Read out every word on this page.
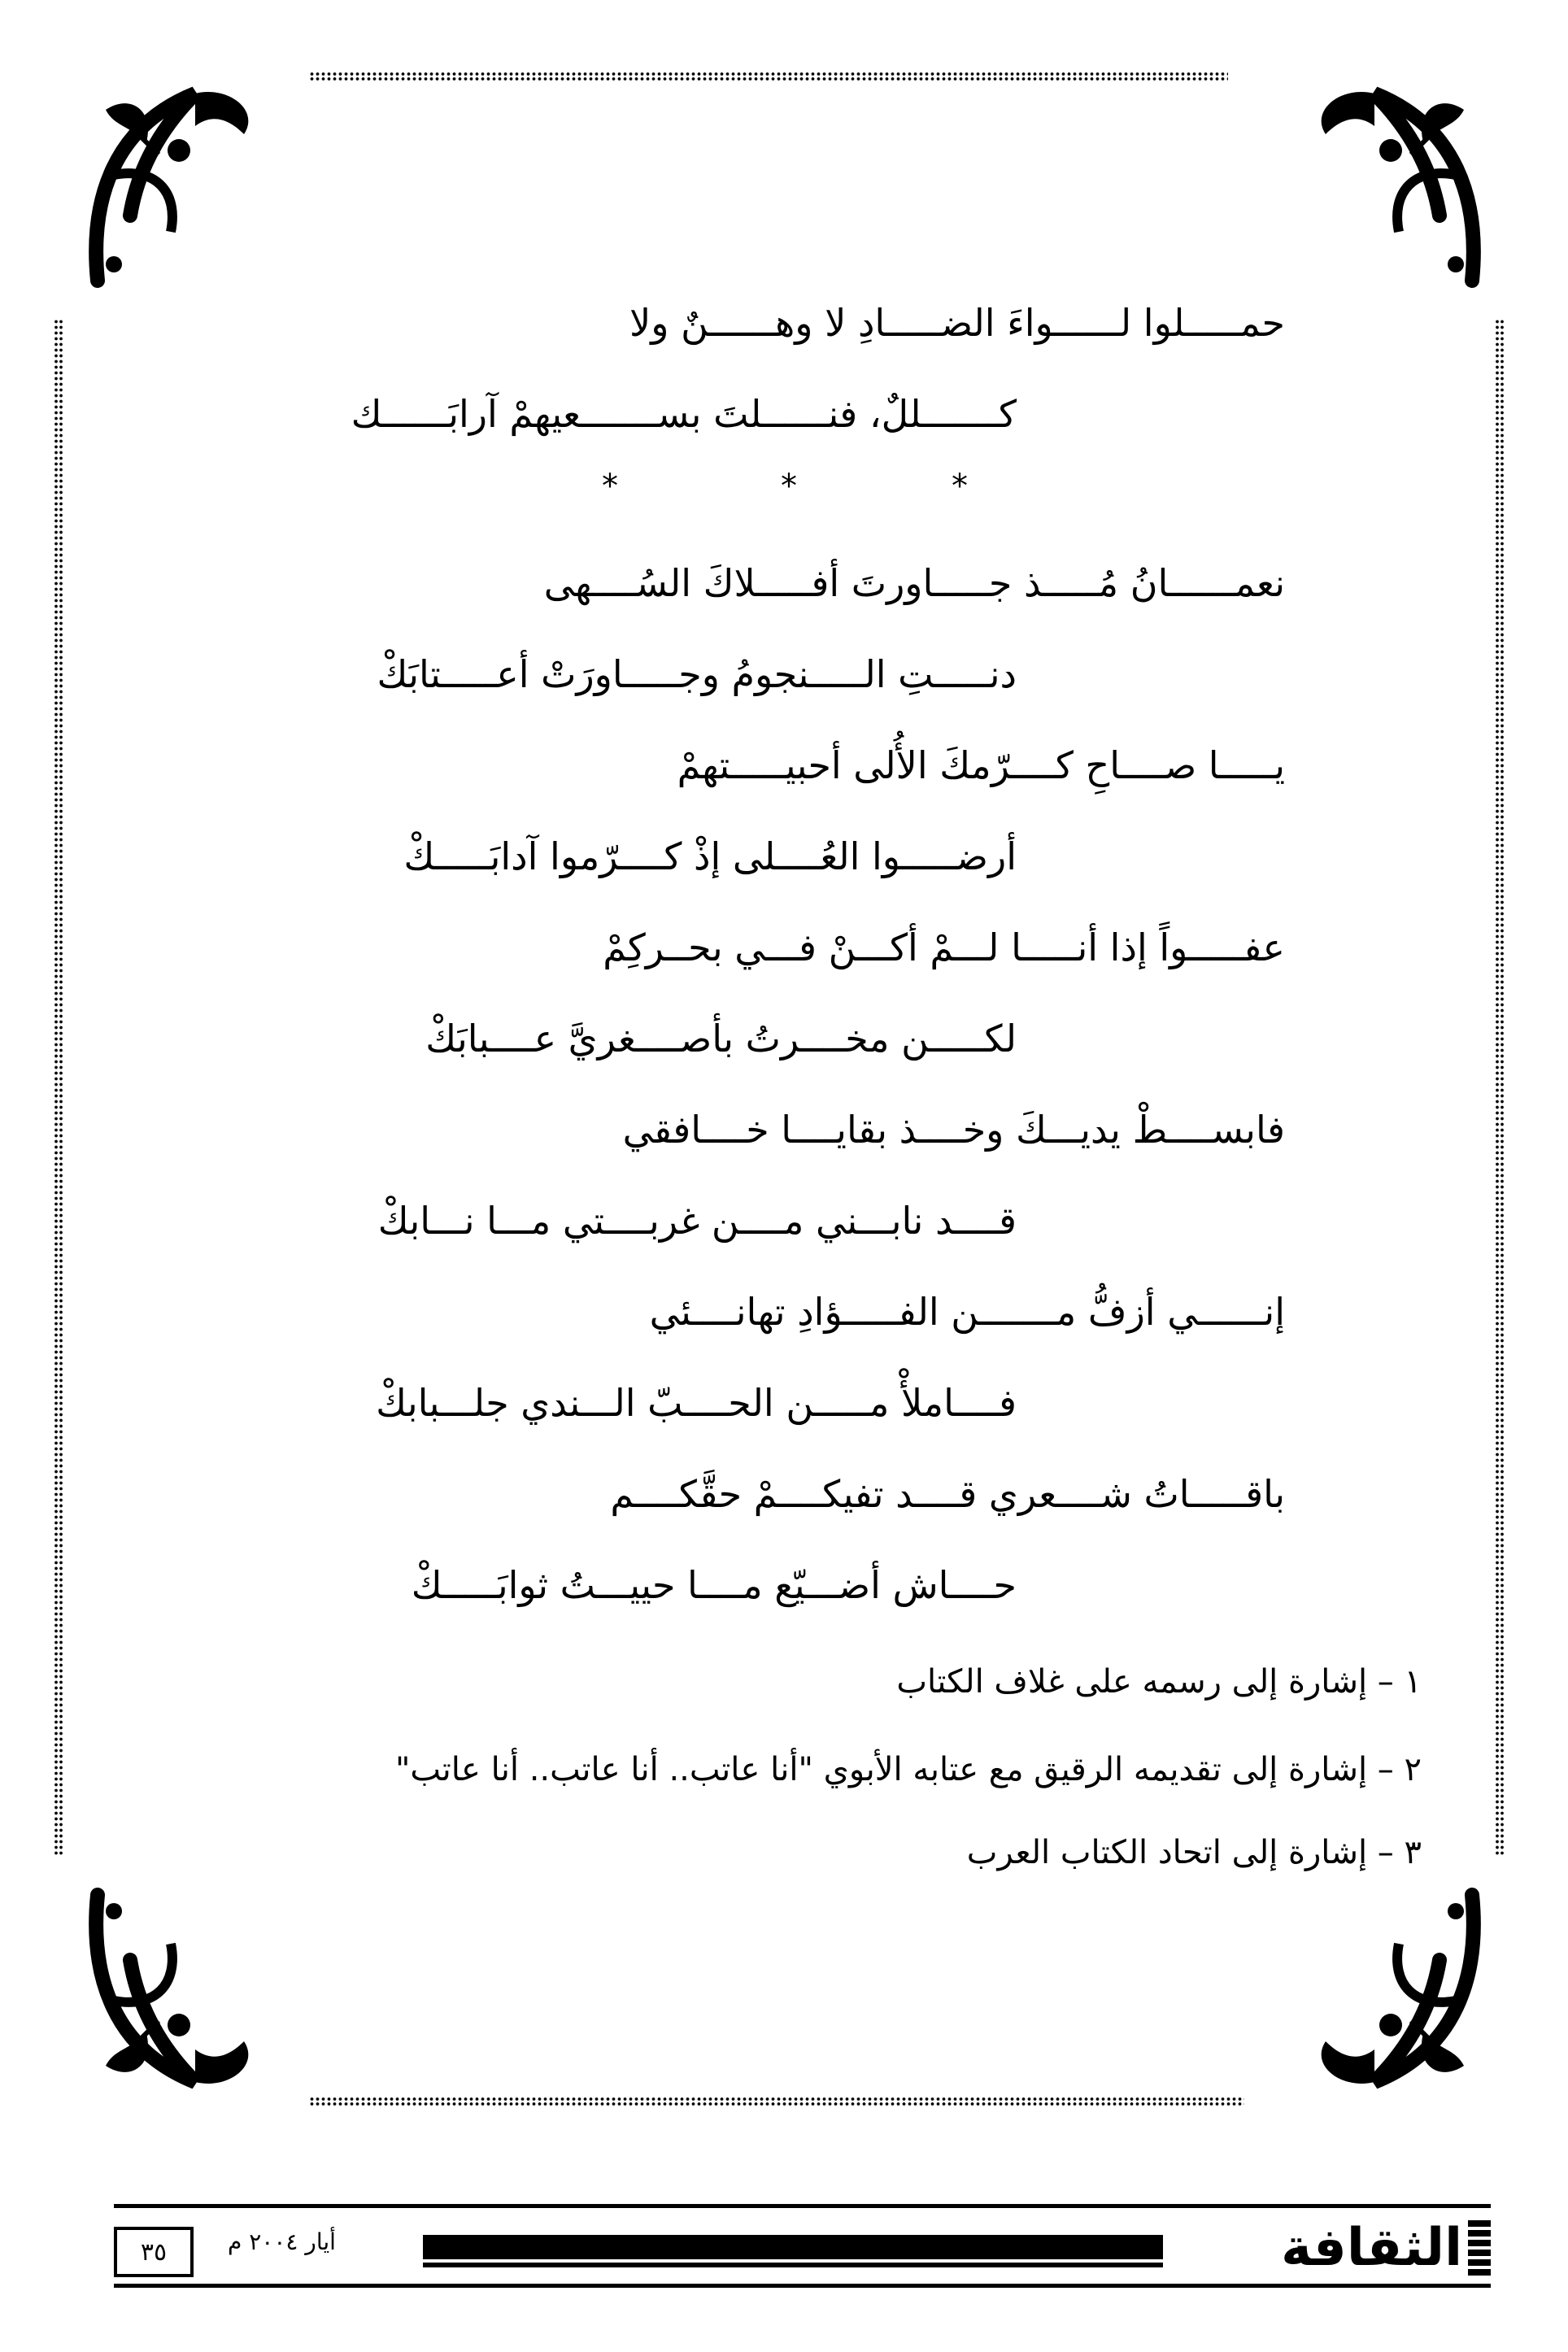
حمـــــلوا لــــــواءَ الضـــــادِ لا وهــــــنٌ ولا
كـــــــللٌ، فنــــــلتَ بســـــــعيهمْ آرابَــــــك
*
*
*
نعمــــــانُ مُـــــذ جـــــاورتَ أفـــــلاكَ السُــــهى
دنـــــتِ الـــــنجومُ وجـــــاورَتْ أعـــــتابَكْ
يـــــا صــــاحِ كــــرّمكَ الأُلى أحبيـــــتهمْ
أرضـــــوا العُــــلى إذْ كــــرّموا آدابَـــــكْ
عفـــــواً إذا أنـــــا لـــمْ أكـــنْ فـــي بحــركِمْ
لكـــــن مخــــرتُ بأصــــغريَّ عــــبابَكْ
فابســــطْ يديـــكَ وخــــذ بقايــــا خــــافقي
قــــد نابـــني مــــن غربــــتي مـــا نـــابكْ
إنــــــي أزفُّ مـــــــن الفـــــؤادِ تهانــــئي
فــــاملأْ مـــــن الحــــبّ الـــندي جلـــبابكْ
باقـــــاتُ شــــعري قــــد تفيكــــمْ حقَّكــــم
حــــاش أضـــيّع مــــا حييـــتُ ثوابَـــــكْ
١ – إشارة إلى رسمه على غلاف الكتاب
٢ – إشارة إلى تقديمه الرقيق مع عتابه الأبوي "أنا عاتب.. أنا عاتب.. أنا عاتب"
٣ – إشارة إلى اتحاد الكتاب العرب
٣٥	أيار ٢٠٠٤ م	الثقافة
